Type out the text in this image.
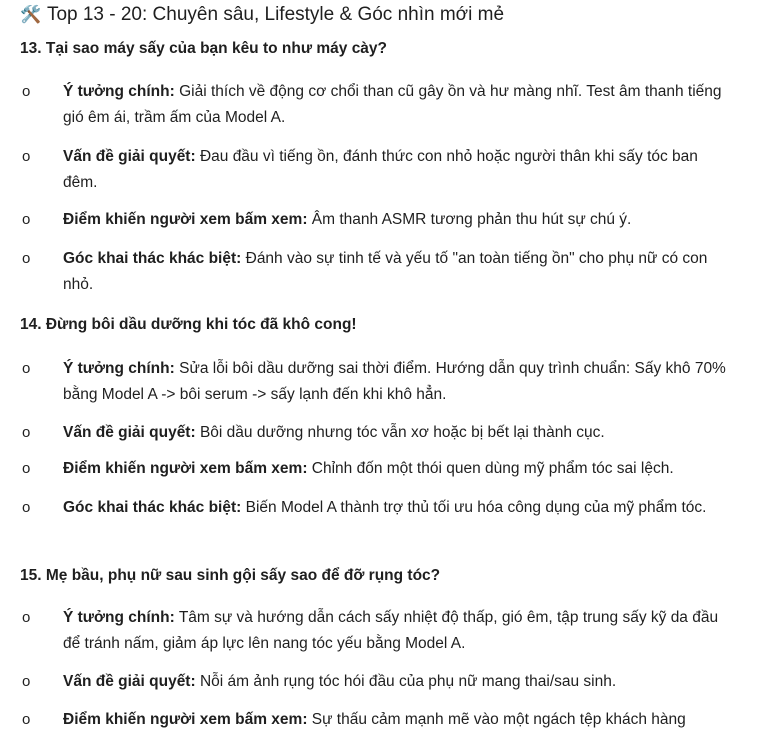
🛠️ Top 13 - 20: Chuyên sâu, Lifestyle & Góc nhìn mới mẻ
13. Tại sao máy sấy của bạn kêu to như máy cày?
o	Ý tưởng chính: Giải thích về động cơ chổi than cũ gây ồn và hư màng nhĩ. Test âm thanh tiếng gió êm ái, trầm ấm của Model A.
o	Vấn đề giải quyết: Đau đầu vì tiếng ồn, đánh thức con nhỏ hoặc người thân khi sấy tóc ban đêm.
o	Điểm khiến người xem bấm xem: Âm thanh ASMR tương phản thu hút sự chú ý.
o	Góc khai thác khác biệt: Đánh vào sự tinh tế và yếu tố "an toàn tiếng ồn" cho phụ nữ có con nhỏ.
14. Đừng bôi dầu dưỡng khi tóc đã khô cong!
o	Ý tưởng chính: Sửa lỗi bôi dầu dưỡng sai thời điểm. Hướng dẫn quy trình chuẩn: Sấy khô 70% bằng Model A -> bôi serum -> sấy lạnh đến khi khô hẳn.
o	Vấn đề giải quyết: Bôi dầu dưỡng nhưng tóc vẫn xơ hoặc bị bết lại thành cục.
o	Điểm khiến người xem bấm xem: Chỉnh đốn một thói quen dùng mỹ phẩm tóc sai lệch.
o	Góc khai thác khác biệt: Biến Model A thành trợ thủ tối ưu hóa công dụng của mỹ phẩm tóc.
15. Mẹ bầu, phụ nữ sau sinh gội sấy sao để đỡ rụng tóc?
o	Ý tưởng chính: Tâm sự và hướng dẫn cách sấy nhiệt độ thấp, gió êm, tập trung sấy kỹ da đầu để tránh nấm, giảm áp lực lên nang tóc yếu bằng Model A.
o	Vấn đề giải quyết: Nỗi ám ảnh rụng tóc hói đầu của phụ nữ mang thai/sau sinh.
o	Điểm khiến người xem bấm xem: Sự thấu cảm mạnh mẽ vào một ngách tệp khách hàng
